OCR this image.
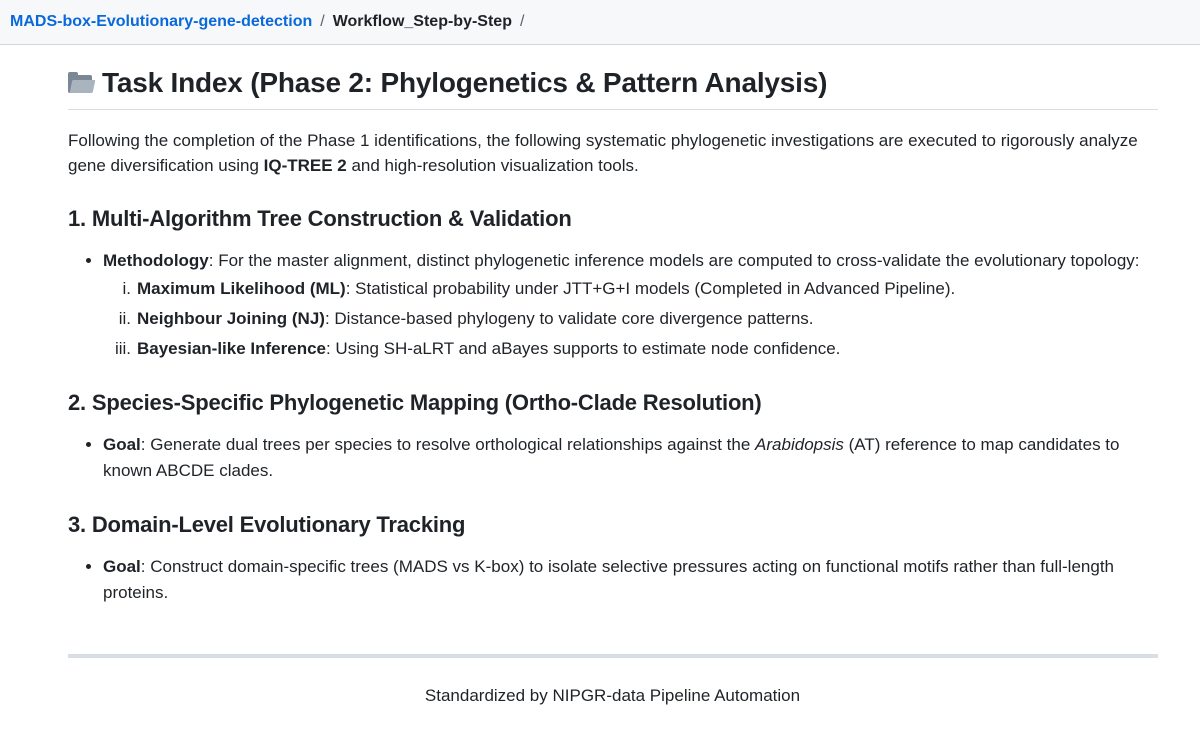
MADS-box-Evolutionary-gene-detection / Workflow_Step-by-Step /
Task Index (Phase 2: Phylogenetics & Pattern Analysis)

Following the completion of the Phase 1 identifications, the following systematic phylogenetic investigations are executed to rigorously analyze gene diversification using IQ-TREE 2 and high-resolution visualization tools.

1. Multi-Algorithm Tree Construction & Validation
• Methodology: For the master alignment, distinct phylogenetic inference models are computed to cross-validate the evolutionary topology:
i. Maximum Likelihood (ML): Statistical probability under JTT+G+I models (Completed in Advanced Pipeline).
ii. Neighbour Joining (NJ): Distance-based phylogeny to validate core divergence patterns.
iii. Bayesian-like Inference: Using SH-aLRT and aBayes supports to estimate node confidence.
2. Species-Specific Phylogenetic Mapping (Ortho-Clade Resolution)
• Goal: Generate dual trees per species to resolve orthological relationships against the Arabidopsis (AT) reference to map candidates to known ABCDE clades.
3. Domain-Level Evolutionary Tracking
• Goal: Construct domain-specific trees (MADS vs K-box) to isolate selective pressures acting on functional motifs rather than full-length proteins.
Standardized by NIPGR-data Pipeline Automation
